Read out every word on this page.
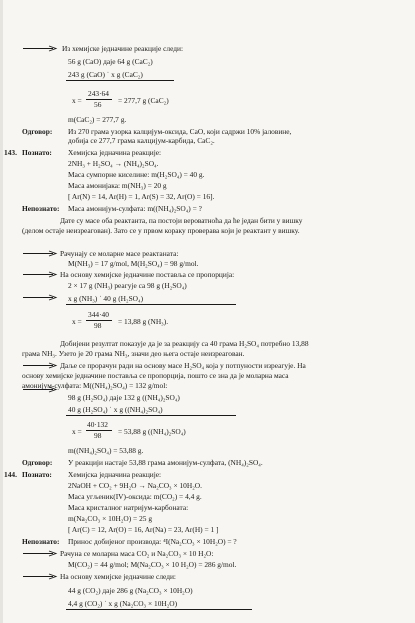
Из хемијске једначине реакције следи:
56 g (CaO) даје 64 g (CaC₂)
243 g (CaO) ˈ x g (CaC₂)
x =
243·64
56 = 277,7 g (CaC₂)
m(CaC₂) = 277,7 g.
Одговор: Из 270 грама узорка калцијум-оксида, CaO, који садржи 10% јаловине,
добија се 277,7 грама калцијум-карбида, CaC₂.
143. Познато: Хемијска једначина реакције:
2NH₃ + H₂SO₄ → (NH₄)₂SO₄.
Маса сумпорне киселине: m(H₂SO₄) = 40 g.
Маса амонијака: m(NH₃) = 20 g
[ Ar(N) = 14, Ar(H) = 1, Ar(S) = 32, Ar(O) = 16].
Непознато: Маса амонијум-сулфата: m((NH₄)₂SO₄) = ?
Дате су масе оба реактанта, па постоји вероватноћа да ће један бити у вишку
(делом остаје неизреагован). Зато се у првом кораку проверава који је реактант у вишку.
Рачунају се моларне масе реактаната:
M(NH₃) = 17 g/mol, M(H₂SO₄) = 98 g/mol.
На основу хемијске једначине постављa се пропорција:
2 × 17 g (NH₃) реагује са 98 g (H₂SO₄)
x g (NH₃) ˈ 40 g (H₂SO₄)
x =
344·40
98 = 13,88 g (NH₃).
Добијени резултат показује да је за реакцију са 40 грама H₂SO₄ потребно 13,88
грама NH₃. Узето је 20 грама NH₃, значи део њега остаје неизреагован.
Даље се прорачун ради на основу масе H₂SO₄ која у потпуности изреагује. На
основу хемијске једначине постављa се пропорција, пошто се зна да је моларна маса
амонијум-сулфата: M((NH₄)₂SO₄) = 132 g/mol:
98 g (H₂SO₄) даје 132 g ((NH₄)₂SO₄)
40 g (H₂SO₄) ˈ x g ((NH₄)₂SO₄)
x =
40·132
98 = 53,88 g ((NH₄)₂SO₄)
m((NH₄)₂SO₄) = 53,88 g.
Одговор: У реакцији настаје 53,88 грама амонијум-сулфата, (NH₄)₂SO₄.
144. Познато: Хемијска једначина реакције:
2NaOH + CO₂ + 9H₂O → Na₂CO₃ × 10H₂O.
Маса угљеник(IV)-оксида: m(CO₂) = 4,4 g.
Маса кристалног натријум-карбоната:
m(Na₂CO₃ × 10H₂O) = 25 g
[ Ar(C) = 12, Ar(O) = 16, Ar(Na) = 23, Ar(H) = 1 ]
Непознато: Принос добијеног производа: ⁴I(Na₂CO₃ × 10H₂O) = ?
Рачуна се моларна маса CO₂ и Na₂CO₃ × 10 H₂O:
M(CO₂) = 44 g/mol; M(Na₂CO₃ × 10 H₂O) = 286 g/mol.
На основу хемијске једначине следи:
44 g (CO₂) даје 286 g (Na₂CO₃ × 10H₂O)
4,4 g (CO₂) ˈ x g (Na₂CO₃ × 10H₂O)
